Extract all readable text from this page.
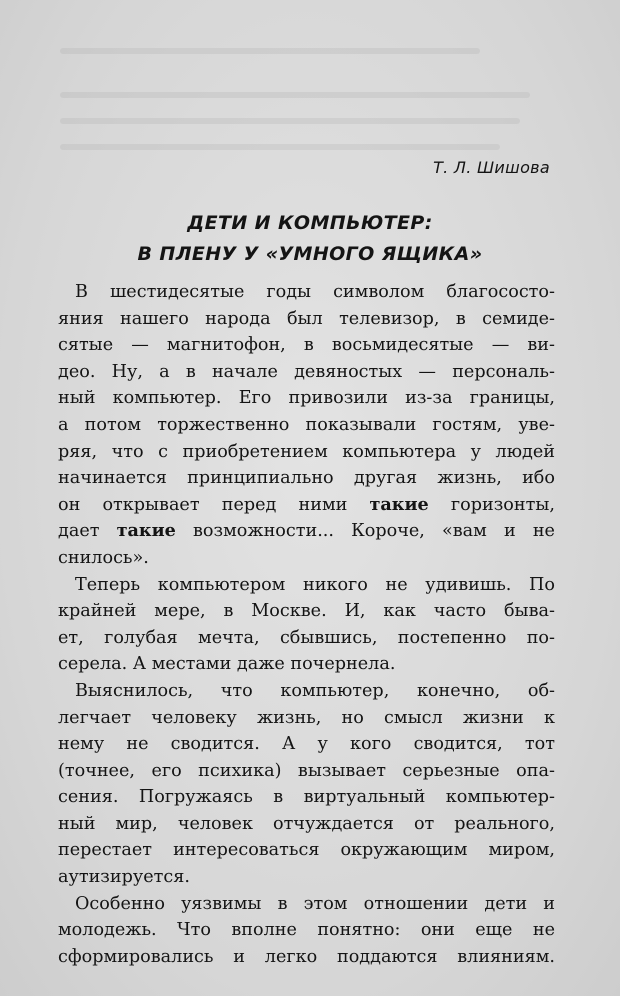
Т. Л. Шишова
ДЕТИ И КОМПЬЮТЕР:
В ПЛЕНУ У «УМНОГО ЯЩИКА»
В шестидесятые годы символом благососто-
яния нашего народа был телевизор, в семиде-
сятые — магнитофон, в восьмидесятые — ви-
део. Ну, а в начале девяностых — персональ-
ный компьютер. Его привозили из-за границы,
а потом торжественно показывали гостям, уве-
ряя, что с приобретением компьютера у людей
начинается принципиально другая жизнь, ибо
он открывает перед ними такие горизонты,
дает такие возможности... Короче, «вам и не
снилось».
Теперь компьютером никого не удивишь. По
крайней мере, в Москве. И, как часто быва-
ет, голубая мечта, сбывшись, постепенно по-
серела. А местами даже почернела.
Выяснилось, что компьютер, конечно, об-
легчает человеку жизнь, но смысл жизни к
нему не сводится. А у кого сводится, тот
(точнее, его психика) вызывает серьезные опа-
сения. Погружаясь в виртуальный компьютер-
ный мир, человек отчуждается от реального,
перестает интересоваться окружающим миром,
аутизируется.
Особенно уязвимы в этом отношении дети и
молодежь. Что вполне понятно: они еще не
сформировались и легко поддаются влияниям.
